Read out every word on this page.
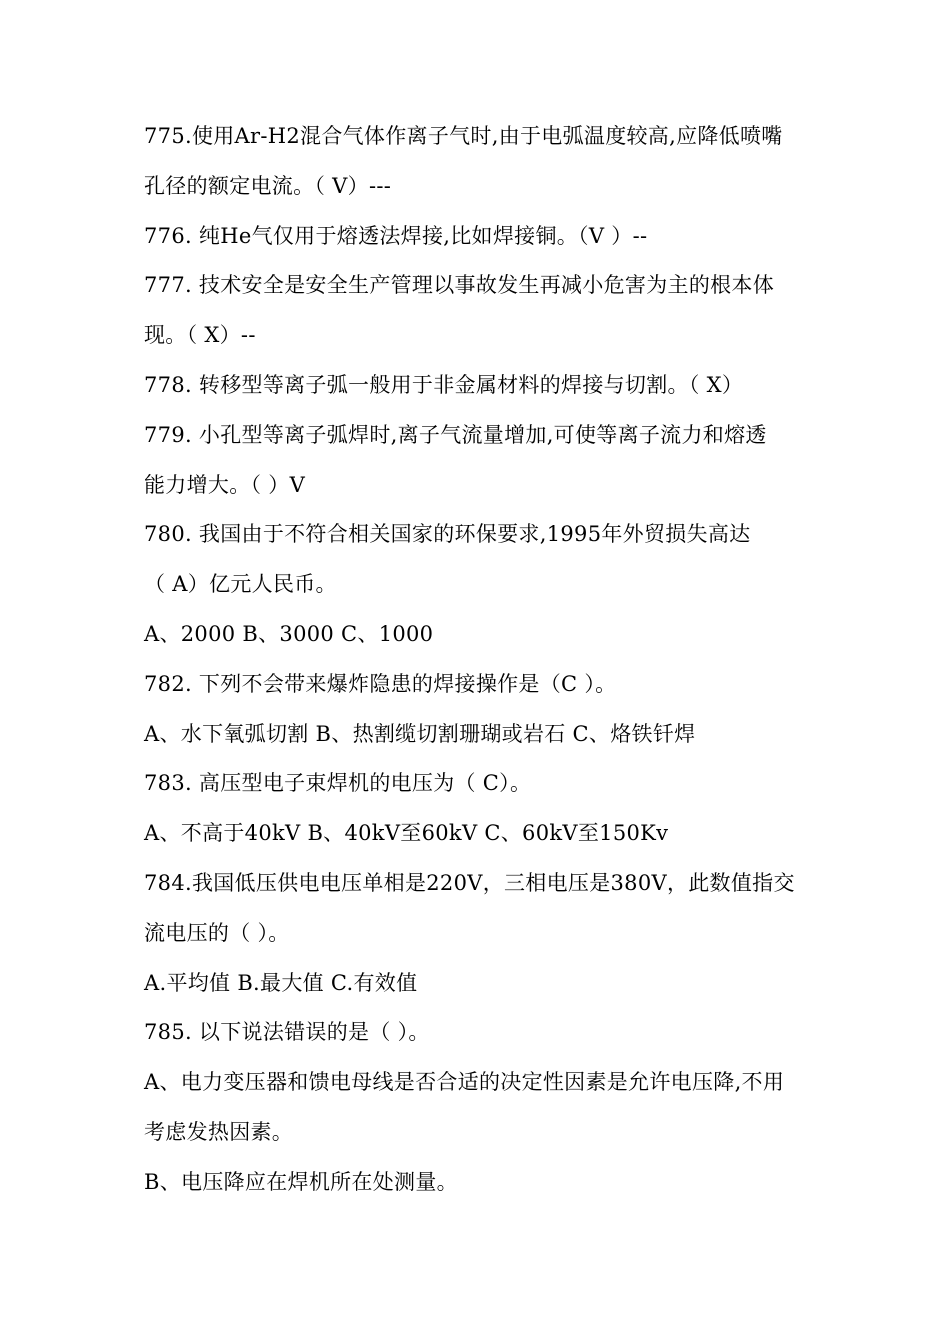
775.使用Ar-H2混合气体作离子气时,由于电弧温度较高,应降低喷嘴
孔径的额定电流。（ V）---
776. 纯He气仅用于熔透法焊接,比如焊接铜。（V ）--
777. 技术安全是安全生产管理以事故发生再减小危害为主的根本体
现。（ X）--
778. 转移型等离子弧一般用于非金属材料的焊接与切割。（ X）
779. 小孔型等离子弧焊时,离子气流量增加,可使等离子流力和熔透
能力增大。（ ）V
780. 我国由于不符合相关国家的环保要求,1995年外贸损失高达
（ A）亿元人民币。
A、2000 B、3000 C、1000
782. 下列不会带来爆炸隐患的焊接操作是（C ）。
A、水下氧弧切割 B、热割缆切割珊瑚或岩石 C、烙铁钎焊
783. 高压型电子束焊机的电压为（ C）。
A、不高于40kV B、40kV至60kV C、60kV至150Kv
784.我国低压供电电压单相是220V，三相电压是380V，此数值指交
流电压的（ ）。
A.平均值 B.最大值 C.有效值
785. 以下说法错误的是（ ）。
A、电力变压器和馈电母线是否合适的决定性因素是允许电压降,不用
考虑发热因素。
B、电压降应在焊机所在处测量。
